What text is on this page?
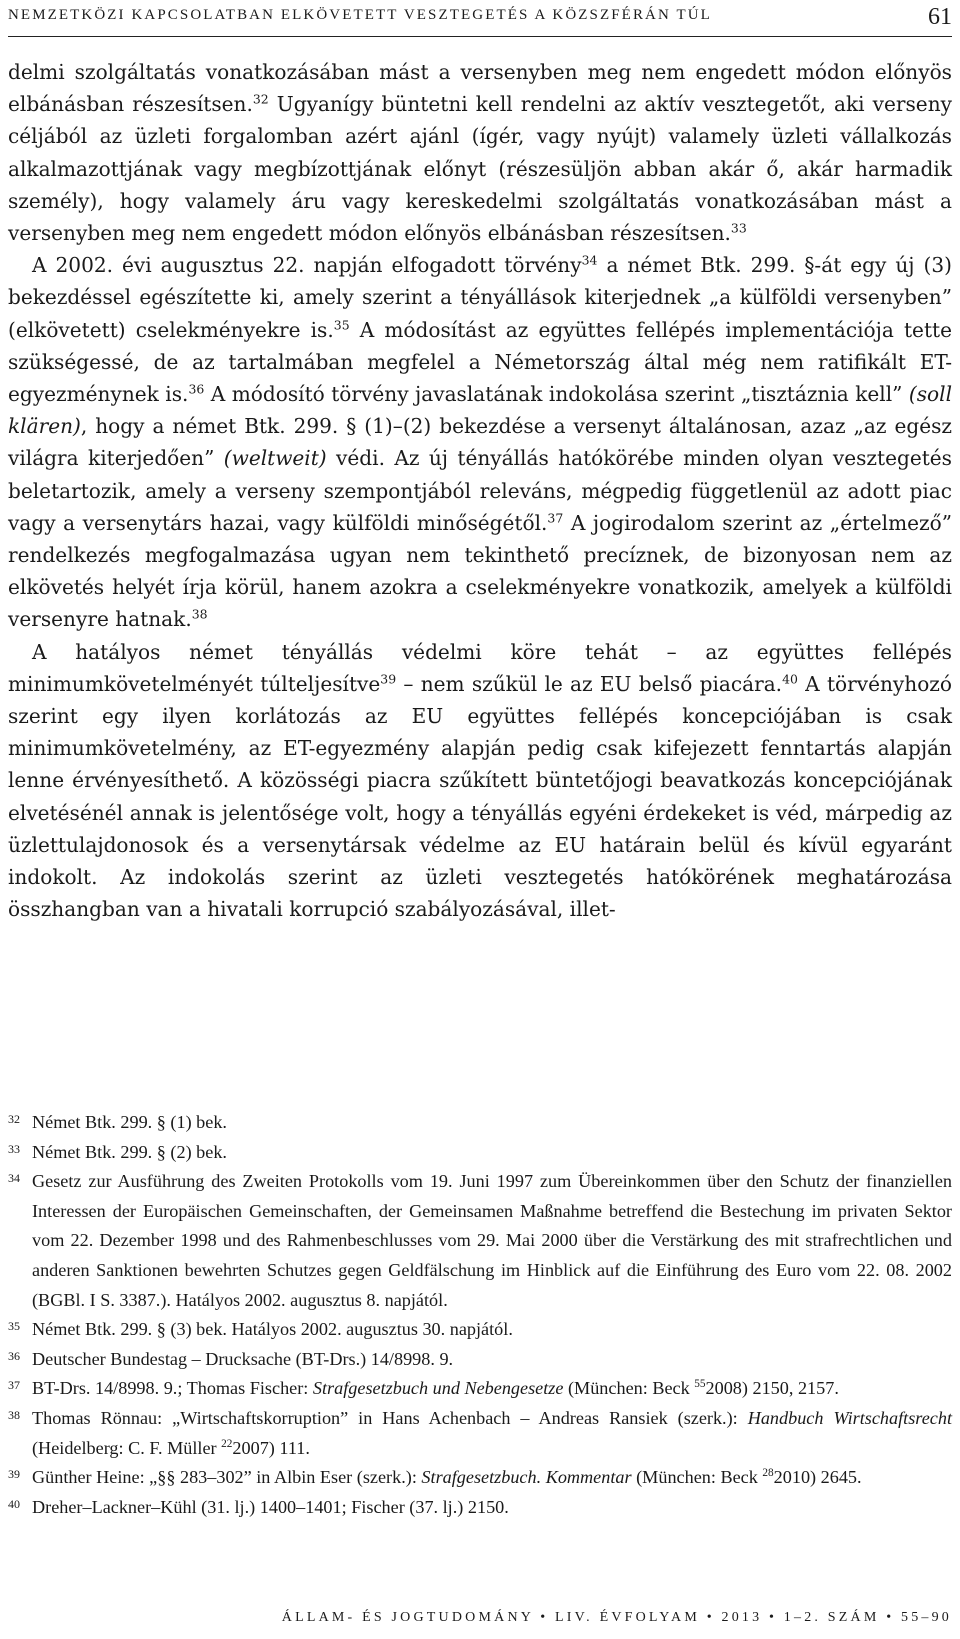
NEMZETKÖZI KAPCSOLATBAN ELKÖVETETT VESZTEGETÉS A KÖZSZFÉRÁN TÚL	61

delmi szolgáltatás vonatkozásában mást a versenyben meg nem engedett módon előnyös elbánásban részesítsen.$^{32}$ Ugyanígy büntetni kell rendelni az aktív vesztegetőt, aki verseny céljából az üzleti forgalomban azért ajánl (ígér, vagy nyújt) valamely üzleti vállalkozás alkalmazottjának vagy megbízottjának előnyt (részesüljön abban akár ő, akár harmadik személy), hogy valamely áru vagy kereskedelmi szolgáltatás vonatkozásában mást a versenyben meg nem engedett módon előnyös elbánásban részesítsen.$^{33}$

A 2002. évi augusztus 22. napján elfogadott törvény$^{34}$ a német Btk. 299. §-át egy új (3) bekezdéssel egészítette ki, amely szerint a tényállások kiterjednek „a külföldi versenyben” (elkövetett) cselekményekre is.$^{35}$ A módosítást az együttes fellépés implementációja tette szükségessé, de az tartalmában megfelel a Németország által még nem ratifikált ET-egyezménynek is.$^{36}$ A módosító törvény javaslatának indokolása szerint „tisztáznia kell” (soll klären), hogy a német Btk. 299. § (1)–(2) bekezdése a versenyt általánosan, azaz „az egész világra kiterjedően” (weltweit) védi. Az új tényállás hatókörébe minden olyan vesztegetés beletartozik, amely a verseny szempontjából releváns, mégpedig függetlenül az adott piac vagy a versenytárs hazai, vagy külföldi minőségétől.$^{37}$ A jogirodalom szerint az „értelmező” rendelkezés megfogalmazása ugyan nem tekinthető precíznek, de bizonyosan nem az elkövetés helyét írja körül, hanem azokra a cselekményekre vonatkozik, amelyek a külföldi versenyre hatnak.$^{38}$

A hatályos német tényállás védelmi köre tehát – az együttes fellépés minimumkövetelményét túlteljesítve$^{39}$ – nem szűkül le az EU belső piacára.$^{40}$ A törvényhozó szerint egy ilyen korlátozás az EU együttes fellépés koncepciójában is csak minimumkövetelmény, az ET-egyezmény alapján pedig csak kifejezett fenntartás alapján lenne érvényesíthető. A közösségi piacra szűkített büntetőjogi beavatkozás koncepciójának elvetésénél annak is jelentősége volt, hogy a tényállás egyéni érdekeket is véd, márpedig az üzlettulajdonosok és a versenytársak védelme az EU határain belül és kívül egyaránt indokolt. Az indokolás szerint az üzleti vesztegetés hatókörének meghatározása összhangban van a hivatali korrupció szabályozásával, illet-

32 Német Btk. 299. § (1) bek.
33 Német Btk. 299. § (2) bek.
34 Gesetz zur Ausführung des Zweiten Protokolls vom 19. Juni 1997 zum Übereinkommen über den Schutz der finanziellen Interessen der Europäischen Gemeinschaften, der Gemeinsamen Maßnahme betreffend die Bestechung im privaten Sektor vom 22. Dezember 1998 und des Rahmenbeschlusses vom 29. Mai 2000 über die Verstärkung des mit strafrechtlichen und anderen Sanktionen bewehrten Schutzes gegen Geldfälschung im Hinblick auf die Einführung des Euro vom 22. 08. 2002 (BGBl. I S. 3387.). Hatályos 2002. augusztus 8. napjától.
35 Német Btk. 299. § (3) bek. Hatályos 2002. augusztus 30. napjától.
36 Deutscher Bundestag – Drucksache (BT-Drs.) 14/8998. 9.
37 BT-Drs. 14/8998. 9.; Thomas Fischer: Strafgesetzbuch und Nebengesetze (München: Beck $^{55}$2008) 2150, 2157.
38 Thomas Rönnau: „Wirtschaftskorruption” in Hans Achenbach – Andreas Ransiek (szerk.): Handbuch Wirtschaftsrecht (Heidelberg: C. F. Müller $^{22}$2007) 111.
39 Günther Heine: „§§ 283–302” in Albin Eser (szerk.): Strafgesetzbuch. Kommentar (München: Beck $^{28}$2010) 2645.
40 Dreher–Lackner–Kühl (31. lj.) 1400–1401; Fischer (37. lj.) 2150.
ÁLLAM- ÉS JOGTUDOMÁNY • LIV. ÉVFOLYAM • 2013 • 1–2. SZÁM • 55–90
